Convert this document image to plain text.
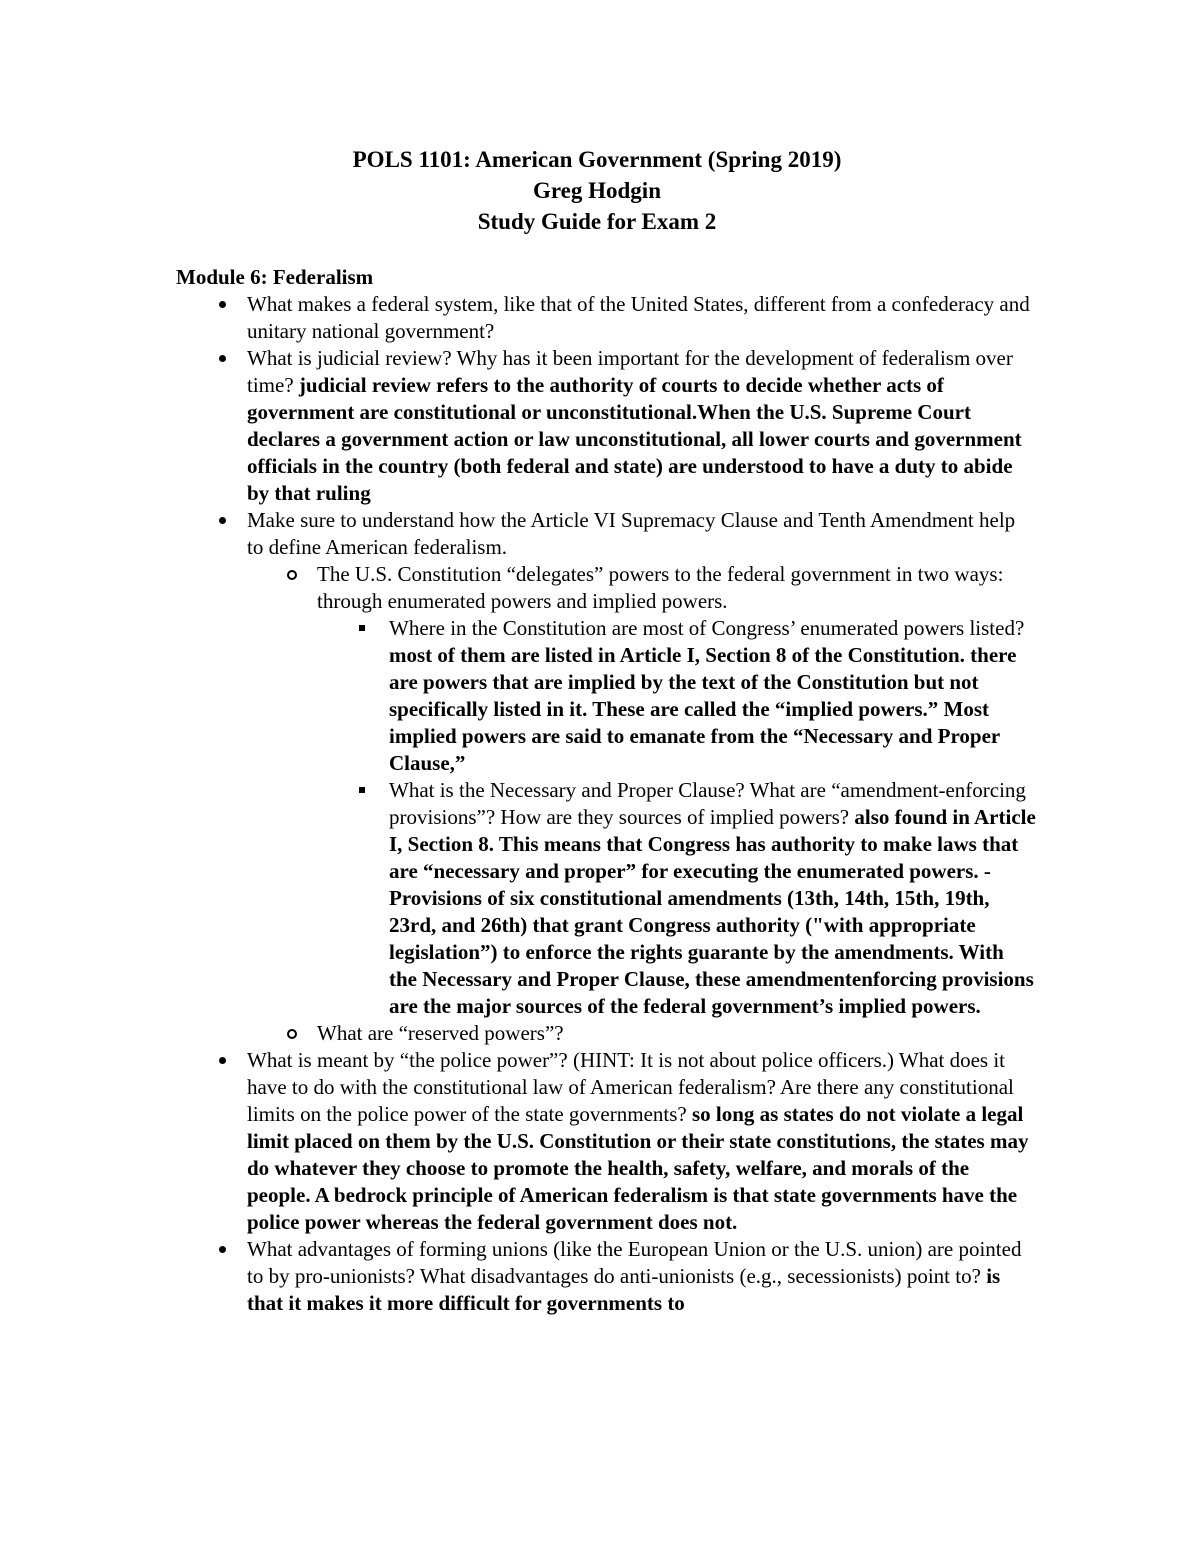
POLS 1101: American Government (Spring 2019)
Greg Hodgin
Study Guide for Exam 2
Module 6: Federalism
What makes a federal system, like that of the United States, different from a confederacy and unitary national government?
What is judicial review? Why has it been important for the development of federalism over time? judicial review refers to the authority of courts to decide whether acts of government are constitutional or unconstitutional.When the U.S. Supreme Court declares a government action or law unconstitutional, all lower courts and government officials in the country (both federal and state) are understood to have a duty to abide by that ruling
Make sure to understand how the Article VI Supremacy Clause and Tenth Amendment help to define American federalism.
The U.S. Constitution “delegates” powers to the federal government in two ways: through enumerated powers and implied powers.
Where in the Constitution are most of Congress’ enumerated powers listed? most of them are listed in Article I, Section 8 of the Constitution. there are powers that are implied by the text of the Constitution but not specifically listed in it. These are called the “implied powers.” Most implied powers are said to emanate from the “Necessary and Proper Clause,”
What is the Necessary and Proper Clause? What are “amendment-enforcing provisions”? How are they sources of implied powers? also found in Article I, Section 8. This means that Congress has authority to make laws that are “necessary and proper” for executing the enumerated powers. -Provisions of six constitutional amendments (13th, 14th, 15th, 19th, 23rd, and 26th) that grant Congress authority ("with appropriate legislation”) to enforce the rights guarante by the amendments. With the Necessary and Proper Clause, these amendmentenforcing provisions are the major sources of the federal government’s implied powers.
What are “reserved powers”?
What is meant by “the police power”? (HINT: It is not about police officers.) What does it have to do with the constitutional law of American federalism? Are there any constitutional limits on the police power of the state governments? so long as states do not violate a legal limit placed on them by the U.S. Constitution or their state constitutions, the states may do whatever they choose to promote the health, safety, welfare, and morals of the people. A bedrock principle of American federalism is that state governments have the police power whereas the federal government does not.
What advantages of forming unions (like the European Union or the U.S. union) are pointed to by pro-unionists? What disadvantages do anti-unionists (e.g., secessionists) point to? is that it makes it more difficult for governments to
